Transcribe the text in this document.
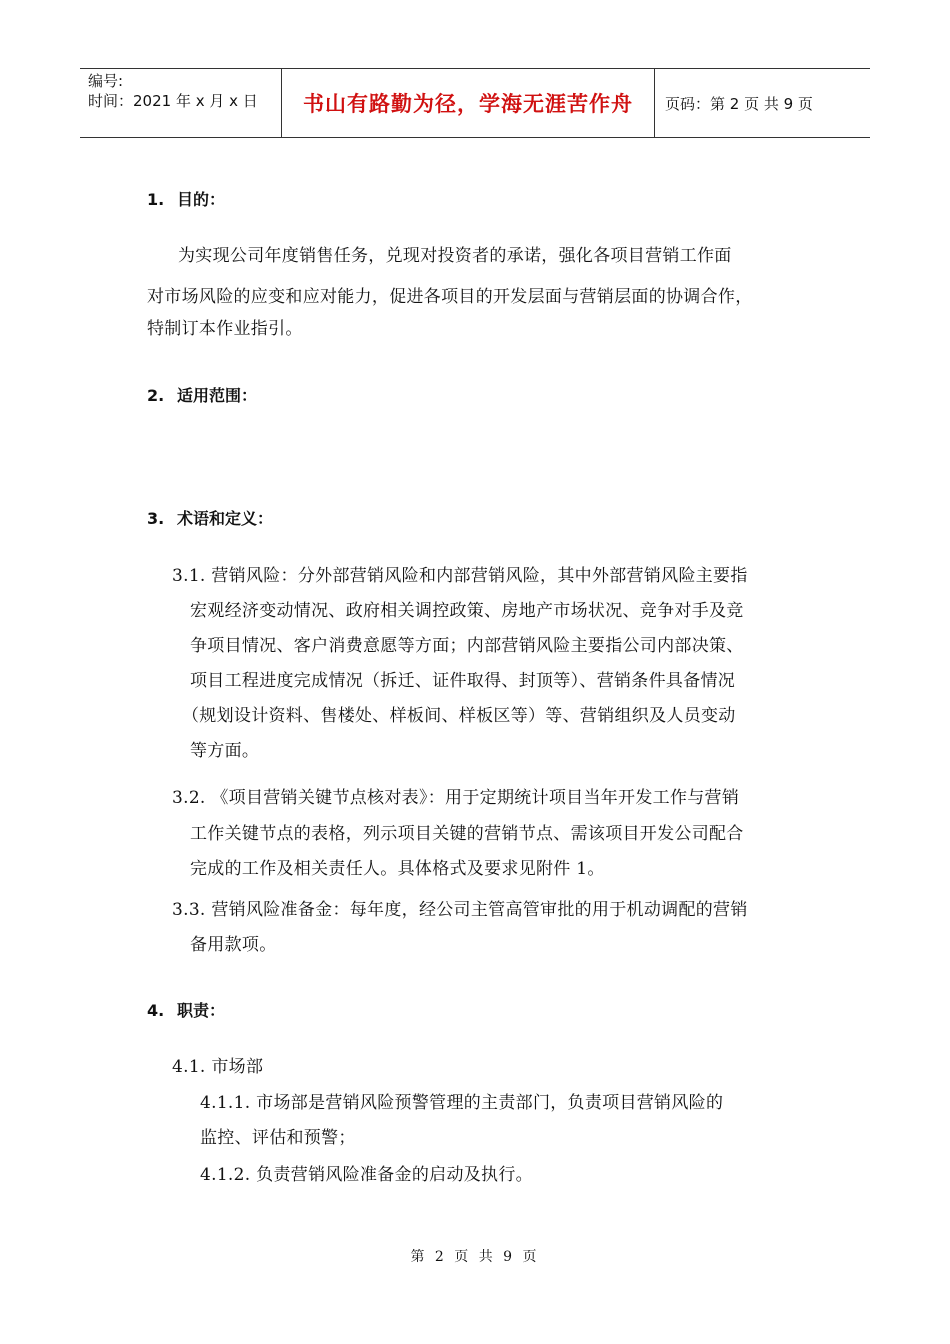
编号:
时间：2021 年 x 月 x 日	书山有路勤为径，学海无涯苦作舟	页码：第 2 页 共 9 页
1. 目的：
为实现公司年度销售任务，兑现对投资者的承诺，强化各项目营销工作面
对市场风险的应变和应对能力，促进各项目的开发层面与营销层面的协调合作，
特制订本作业指引。
2. 适用范围：
3. 术语和定义：
3.1. 营销风险：分外部营销风险和内部营销风险，其中外部营销风险主要指
宏观经济变动情况、政府相关调控政策、房地产市场状况、竞争对手及竞
争项目情况、客户消费意愿等方面；内部营销风险主要指公司内部决策、
项目工程进度完成情况（拆迁、证件取得、封顶等）、营销条件具备情况
（规划设计资料、售楼处、样板间、样板区等）等、营销组织及人员变动
等方面。
3.2. 《项目营销关键节点核对表》：用于定期统计项目当年开发工作与营销
工作关键节点的表格，列示项目关键的营销节点、需该项目开发公司配合
完成的工作及相关责任人。具体格式及要求见附件 1。
3.3. 营销风险准备金：每年度，经公司主管高管审批的用于机动调配的营销
备用款项。
4. 职责：
4.1. 市场部
4.1.1. 市场部是营销风险预警管理的主责部门，负责项目营销风险的
监控、评估和预警；
4.1.2. 负责营销风险准备金的启动及执行。
第 2 页 共 9 页
